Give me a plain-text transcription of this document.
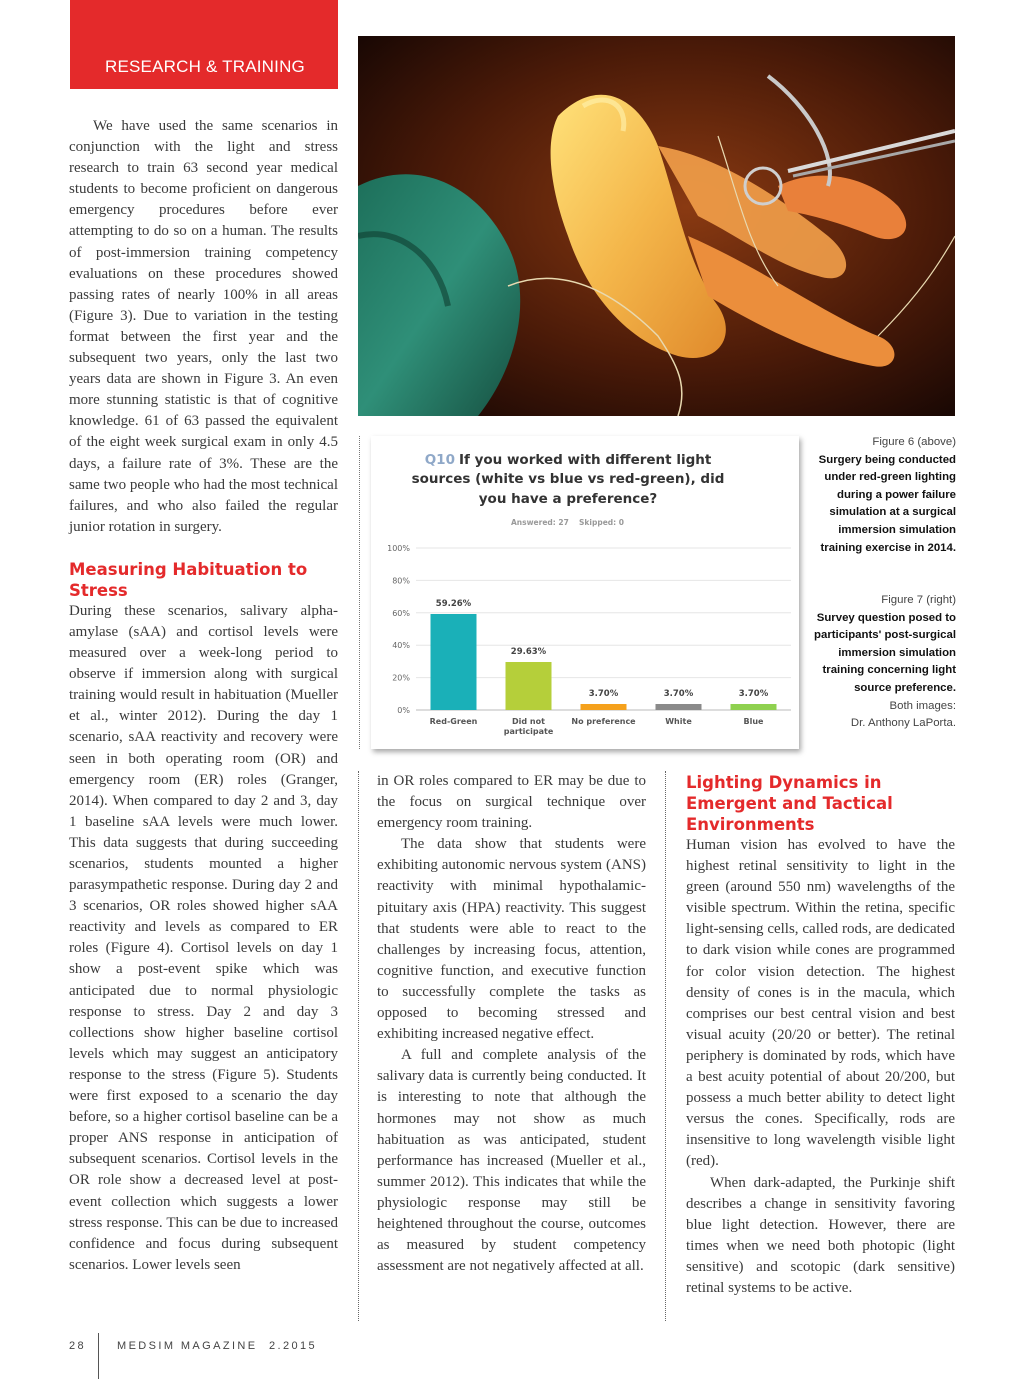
RESEARCH & TRAINING

We have used the same scenarios in conjunction with the light and stress research to train 63 second year medical students to become proficient on dangerous emergency procedures before ever attempting to do so on a human. The results of post-immersion training competency evaluations on these procedures showed passing rates of nearly 100% in all areas (Figure 3). Due to variation in the testing format between the first year and the subsequent two years, only the last two years data are shown in Figure 3. An even more stunning statistic is that of cognitive knowledge. 61 of 63 passed the equivalent of the eight week surgical exam in only 4.5 days, a failure rate of 3%. These are the same two people who had the most technical failures, and who also failed the regular junior rotation in surgery.

Measuring Habituation to Stress

During these scenarios, salivary alpha-amylase (sAA) and cortisol levels were measured over a week-long period to observe if immersion along with surgical training would result in habituation (Mueller et al., winter 2012). During the day 1 scenario, sAA reactivity and recovery were seen in both operating room (OR) and emergency room (ER) roles (Granger, 2014). When compared to day 2 and 3, day 1 baseline sAA levels were much lower. This data suggests that during succeeding scenarios, students mounted a higher parasympathetic response. During day 2 and 3 scenarios, OR roles showed higher sAA reactivity and levels as compared to ER roles (Figure 4). Cortisol levels on day 1 show a post-event spike which was anticipated due to normal physiologic response to stress. Day 2 and day 3 collections show higher baseline cortisol levels which may suggest an anticipatory response to the stress (Figure 5). Students were first exposed to a scenario the day before, so a higher cortisol baseline can be a proper ANS response in anticipation of subsequent scenarios. Cortisol levels in the OR role show a decreased level at post-event collection which suggests a lower stress response. This can be due to increased confidence and focus during subsequent scenarios. Lower levels seen

Q10 If you worked with different light
sources (white vs blue vs red-green), did
you have a preference?
Answered: 27 Skipped: 0
0%
20%
40%
60%
80%
100%
59.26%
Red-Green
29.63%
Did not
participate
3.70%
No preference
3.70%
White
3.70%
Blue
Figure 6 (above)
Surgery being conducted under red-green lighting during a power failure simulation at a surgical immersion simulation training exercise in 2014.
Figure 7 (right)
Survey question posed to participants' post-surgical immersion simulation training concerning light source preference.
Both images:
Dr. Anthony LaPorta.

in OR roles compared to ER may be due to the focus on surgical technique over emergency room training.

The data show that students were exhibiting autonomic nervous system (ANS) reactivity with minimal hypothalamic-pituitary axis (HPA) reactivity. This suggest that students were able to react to the challenges by increasing focus, attention, cognitive function, and executive function to successfully complete the tasks as opposed to becoming stressed and exhibiting increased negative effect.

A full and complete analysis of the salivary data is currently being conducted. It is interesting to note that although the hormones may not show as much habituation as was anticipated, student performance has increased (Mueller et al., summer 2012). This indicates that while the physiologic response may still be heightened throughout the course, outcomes as measured by student competency assessment are not negatively affected at all.

Lighting Dynamics in Emergent and Tactical Environments

Human vision has evolved to have the highest retinal sensitivity to light in the green (around 550 nm) wavelengths of the visible spectrum. Within the retina, specific light-sensing cells, called rods, are dedicated to dark vision while cones are programmed for color vision detection. The highest density of cones is in the macula, which comprises our best central vision and best visual acuity (20/20 or better). The retinal periphery is dominated by rods, which have a best acuity potential of about 20/200, but possess a much better ability to detect light versus the cones. Specifically, rods are insensitive to long wavelength visible light (red).

When dark-adapted, the Purkinje shift describes a change in sensitivity favoring blue light detection. However, there are times when we need both photopic (light sensitive) and scotopic (dark sensitive) retinal systems to be active.

28	MEDSIM MAGAZINE 2.2015
